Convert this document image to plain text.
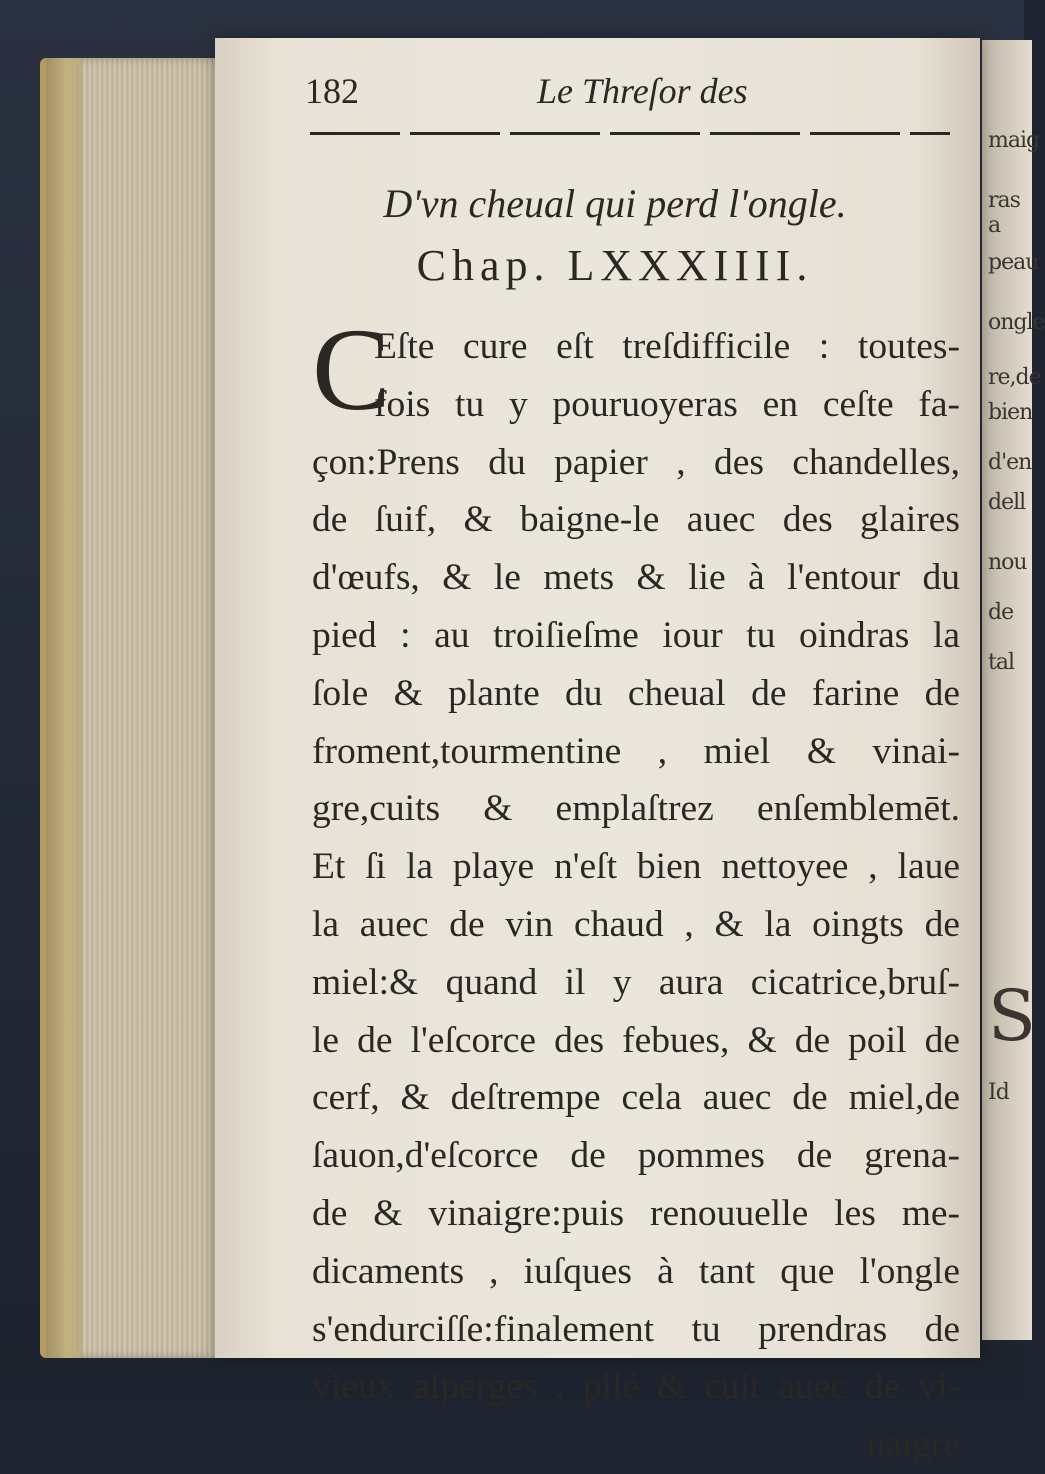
maig
ras a
peau
ongle
re,de
bien
d'en
dell
nou
de
tal
S
Id
182	Le Threſor des
D'vn cheual qui perd l'ongle.
Chap. LXXXIIII.
C
Eſte cure eſt treſdifficile : toutes-
fois tu y pouruoyeras en ceſte fa-
çon:Prens du papier , des chandelles,
de ſuif, & baigne-le auec des glaires
d'œufs, & le mets & lie à l'entour du
pied : au troiſieſme iour tu oindras la
ſole & plante du cheual de farine de
froment,tourmentine , miel & vinai-
gre,cuits & emplaſtrez enſemblemēt.
Et ſi la playe n'eſt bien nettoyee , laue
la auec de vin chaud , & la oingts de
miel:& quand il y aura cicatrice,bruſ-
le de l'eſcorce des febues, & de poil de
cerf, & deſtrempe cela auec de miel,de
ſauon,d'eſcorce de pommes de grena-
de & vinaigre:puis renouuelle les me-
dicaments , iuſques à tant que l'ongle
s'endurciſſe:finalement tu prendras de
vieux aſperges , pilé & cuit auec de vi-
naigre
